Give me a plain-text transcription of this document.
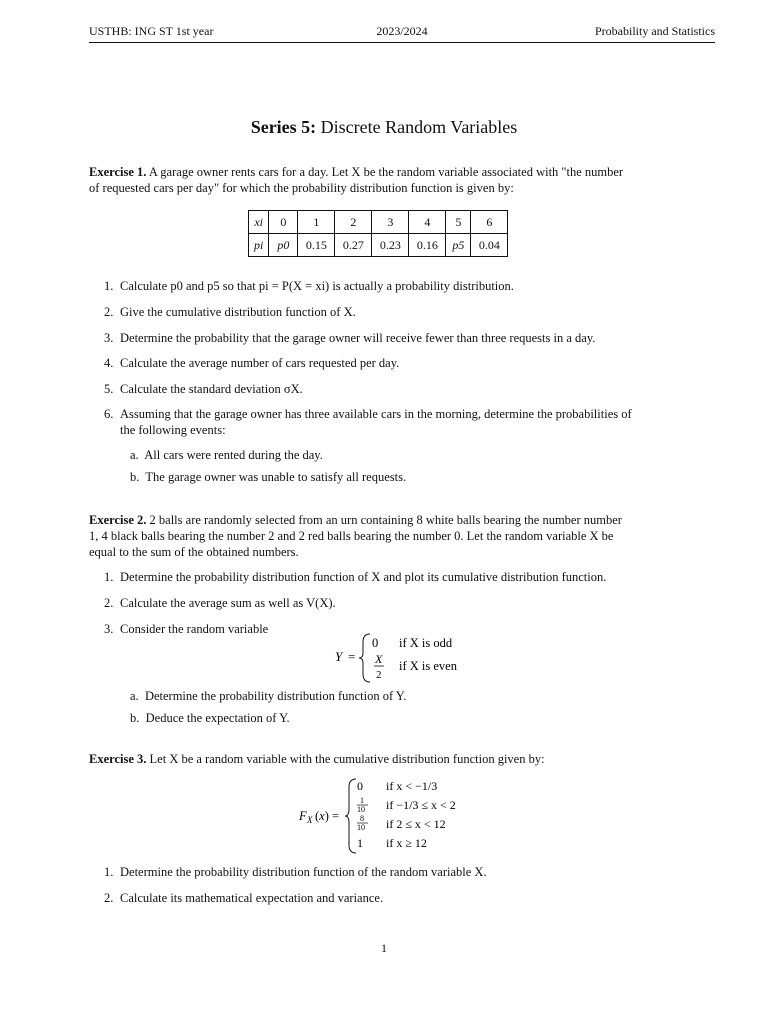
USTHB: ING ST 1st year	2023/2024	Probability and Statistics
Series 5: Discrete Random Variables
Exercise 1. A garage owner rents cars for a day. Let X be the random variable associated with "the number
of requested cars per day" for which the probability distribution function is given by:
xi	0	1	2	3	4	5	6
pi	p0	0.15	0.27	0.23	0.16	p5	0.04
1. Calculate p0 and p5 so that pi = P(X = xi) is actually a probability distribution.
2. Give the cumulative distribution function of X.
3. Determine the probability that the garage owner will receive fewer than three requests in a day.
4. Calculate the average number of cars requested per day.
5. Calculate the standard deviation σX.
6. Assuming that the garage owner has three available cars in the morning, determine the probabilities of
the following events:
a.  All cars were rented during the day.
b.  The garage owner was unable to satisfy all requests.
Exercise 2. 2 balls are randomly selected from an urn containing 8 white balls bearing the number number
1, 4 black balls bearing the number 2 and 2 red balls bearing the number 0. Let the random variable X be
equal to the sum of the obtained numbers.
1. Determine the probability distribution function of X and plot its cumulative distribution function.
2. Calculate the average sum as well as V(X).
3. Consider the random variable
Y =
0 if X is odd
X
2
if X is even
a.  Determine the probability distribution function of Y.
b.  Deduce the expectation of Y.
Exercise 3. Let X be a random variable with the cumulative distribution function given by:
F X (x) =
0
1
10
8
10
1
if x < −1/3
if −1/3 ≤ x < 2
if 2 ≤ x < 12
if x ≥ 12
1. Determine the probability distribution function of the random variable X.
2. Calculate its mathematical expectation and variance.
1
